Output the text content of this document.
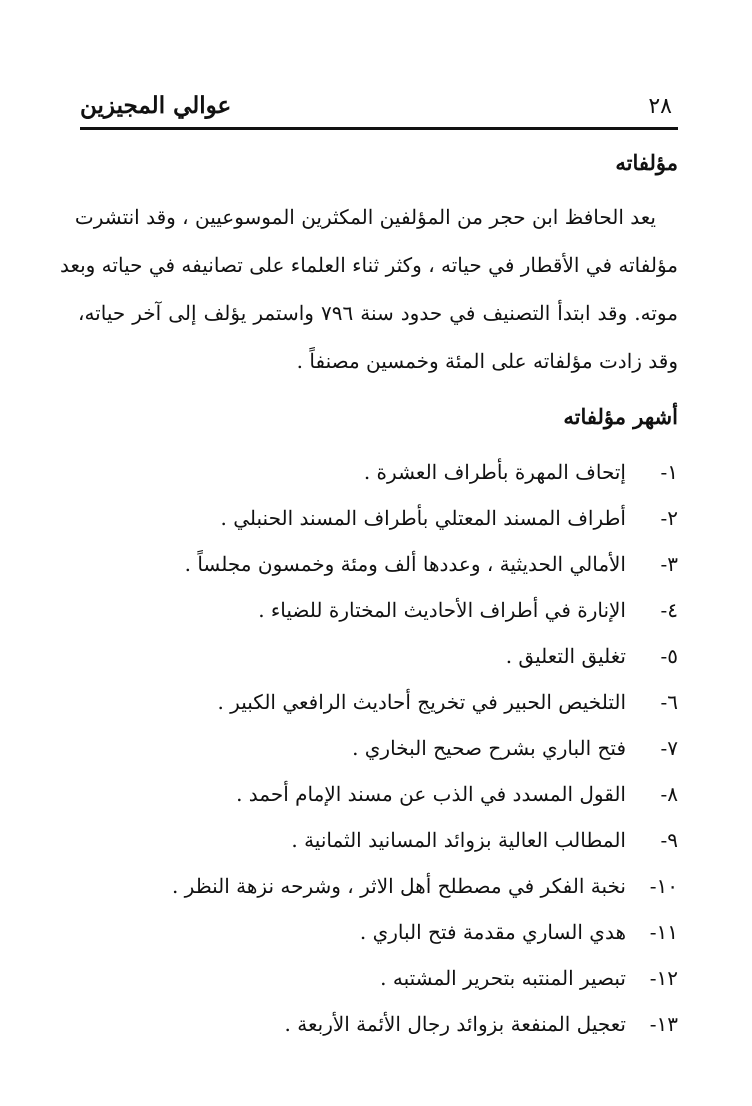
عوالي المجيزين	٢٨
مؤلفاته
يعد الحافظ ابن حجر من المؤلفين المكثرين الموسوعيين ، وقد انتشرت
مؤلفاته في الأقطار في حياته ، وكثر ثناء العلماء على تصانيفه في حياته وبعد
موته. وقد ابتدأ التصنيف في حدود سنة ٧٩٦ واستمر يؤلف إلى آخر حياته،
وقد زادت مؤلفاته على المئة وخمسين مصنفاً .
أشهر مؤلفاته
١-
إتحاف المهرة بأطراف العشرة .
٢-
أطراف المسند المعتلي بأطراف المسند الحنبلي .
٣-
الأمالي الحديثية ، وعددها ألف ومئة وخمسون مجلساً .
٤-
الإنارة في أطراف الأحاديث المختارة للضياء .
٥-
تغليق التعليق .
٦-
التلخيص الحبير في تخريج أحاديث الرافعي الكبير .
٧-
فتح الباري بشرح صحيح البخاري .
٨-
القول المسدد في الذب عن مسند الإمام أحمد .
٩-
المطالب العالية بزوائد المسانيد الثمانية .
١٠-
نخبة الفكر في مصطلح أهل الاثر ، وشرحه نزهة النظر .
١١-
هدي الساري مقدمة فتح الباري .
١٢-
تبصير المنتبه بتحرير المشتبه .
١٣-
تعجيل المنفعة بزوائد رجال الأئمة الأربعة .
